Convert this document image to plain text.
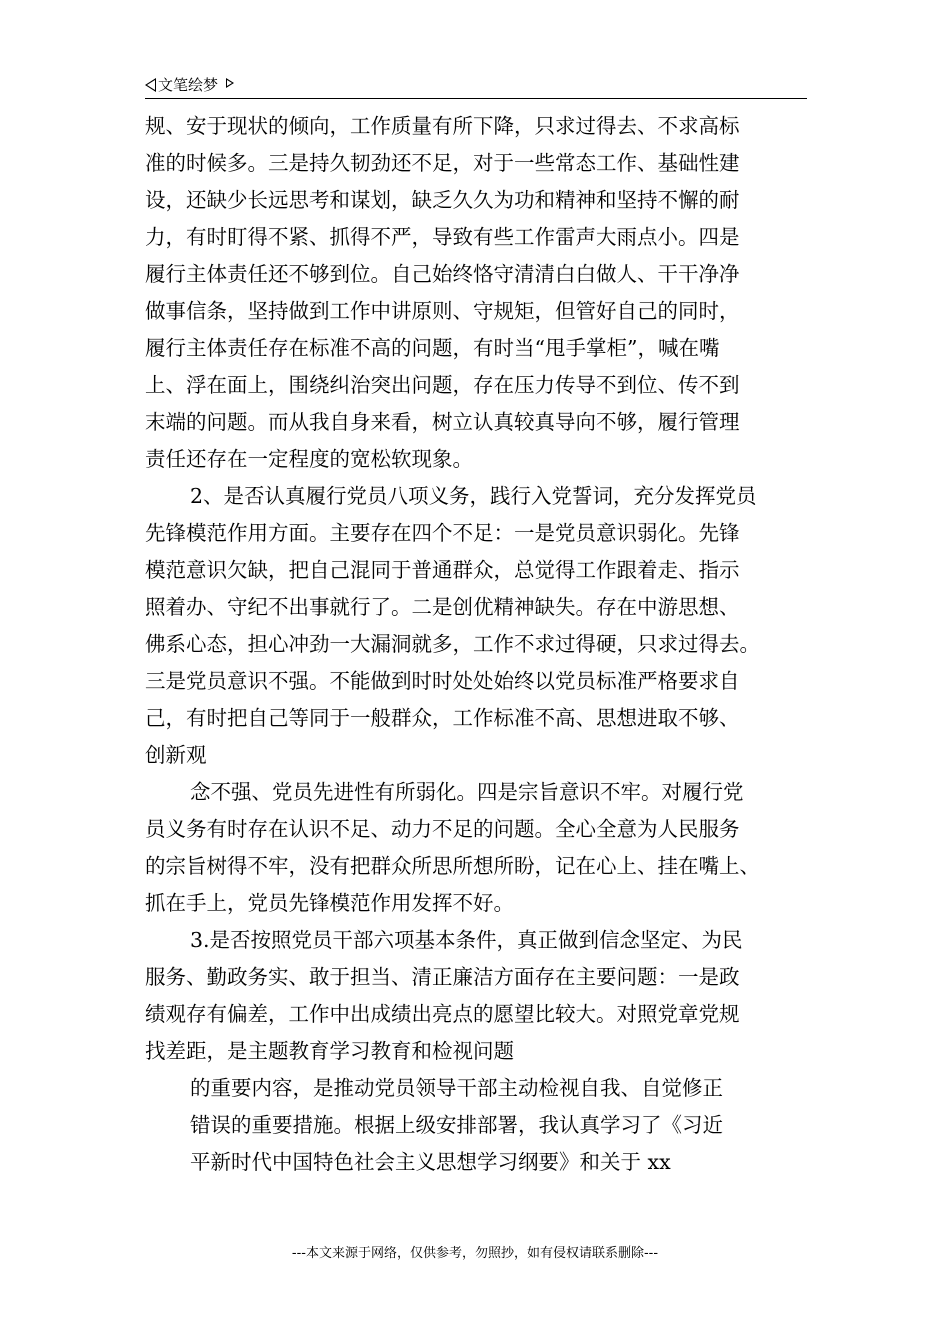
文笔绘梦
规、安于现状的倾向，工作质量有所下降，只求过得去、不求高标
准的时候多。三是持久韧劲还不足，对于一些常态工作、基础性建
设，还缺少长远思考和谋划，缺乏久久为功和精神和坚持不懈的耐
力，有时盯得不紧、抓得不严，导致有些工作雷声大雨点小。四是
履行主体责任还不够到位。自己始终恪守清清白白做人、干干净净
做事信条，坚持做到工作中讲原则、守规矩，但管好自己的同时，
履行主体责任存在标准不高的问题，有时当“甩手掌柜”，喊在嘴
上、浮在面上，围绕纠治突出问题，存在压力传导不到位、传不到
末端的问题。而从我自身来看，树立认真较真导向不够，履行管理
责任还存在一定程度的宽松软现象。
2、是否认真履行党员八项义务，践行入党誓词，充分发挥党员
先锋模范作用方面。主要存在四个不足：一是党员意识弱化。先锋
模范意识欠缺，把自己混同于普通群众，总觉得工作跟着走、指示
照着办、守纪不出事就行了。二是创优精神缺失。存在中游思想、
佛系心态，担心冲劲一大漏洞就多，工作不求过得硬，只求过得去。
三是党员意识不强。不能做到时时处处始终以党员标准严格要求自
己，有时把自己等同于一般群众，工作标准不高、思想进取不够、
创新观
念不强、党员先进性有所弱化。四是宗旨意识不牢。对履行党
员义务有时存在认识不足、动力不足的问题。全心全意为人民服务
的宗旨树得不牢，没有把群众所思所想所盼，记在心上、挂在嘴上、
抓在手上，党员先锋模范作用发挥不好。
3.是否按照党员干部六项基本条件，真正做到信念坚定、为民
服务、勤政务实、敢于担当、清正廉洁方面存在主要问题：一是政
绩观存有偏差，工作中出成绩出亮点的愿望比较大。对照党章党规
找差距，是主题教育学习教育和检视问题
的重要内容，是推动党员领导干部主动检视自我、自觉修正
错误的重要措施。根据上级安排部署，我认真学习了《习近
平新时代中国特色社会主义思想学习纲要》和关于 xx
---本文来源于网络，仅供参考，勿照抄，如有侵权请联系删除---
